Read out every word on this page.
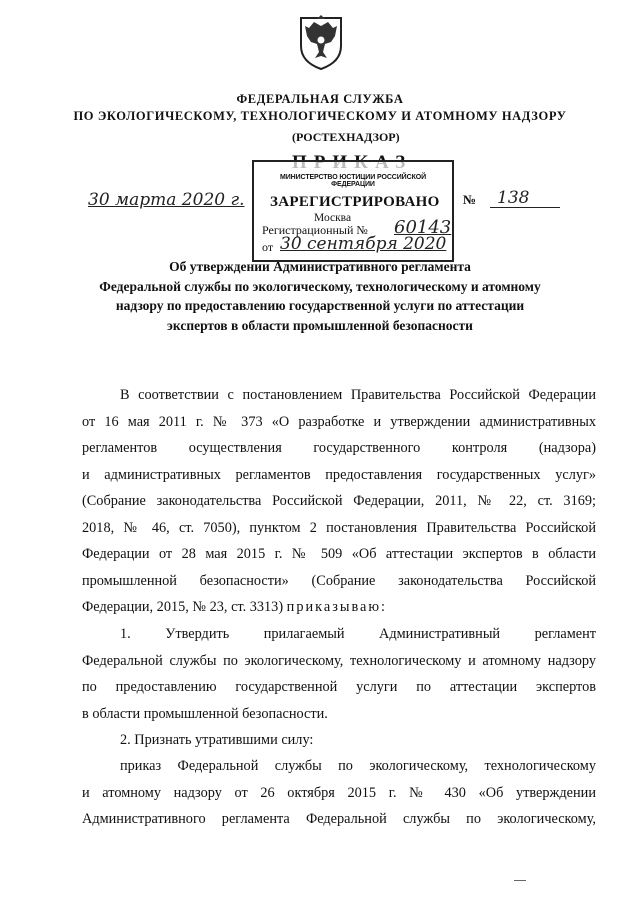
ФЕДЕРАЛЬНАЯ СЛУЖБА
ПО ЭКОЛОГИЧЕСКОМУ, ТЕХНОЛОГИЧЕСКОМУ И АТОМНОМУ НАДЗОРУ
(РОСТЕХНАДЗОР)
30 марта 2020 г.	№ 138
МИНИСТЕРСТВО ЮСТИЦИИ РОССИЙСКОЙ ФЕДЕРАЦИИ
ЗАРЕГИСТРИРОВАНО
Москва
Регистрационный № 60143
от 30 сентября 2020
Об утверждении Административного регламента
Федеральной службы по экологическому, технологическому и атомному
надзору по предоставлению государственной услуги по аттестации
экспертов в области промышленной безопасности
В соответствии с постановлением Правительства Российской Федерации
от 16 мая 2011 г. № 373 «О разработке и утверждении административных
регламентов осуществления государственного контроля (надзора)
и административных регламентов предоставления государственных услуг»
(Собрание законодательства Российской Федерации, 2011, № 22, ст. 3169;
2018, № 46, ст. 7050), пунктом 2 постановления Правительства Российской
Федерации от 28 мая 2015 г. № 509 «Об аттестации экспертов в области
промышленной безопасности» (Собрание законодательства Российской
Федерации, 2015, № 23, ст. 3313) приказываю:
1. Утвердить прилагаемый Административный регламент
Федеральной службы по экологическому, технологическому и атомному надзору
по предоставлению государственной услуги по аттестации экспертов
в области промышленной безопасности.
2. Признать утратившими силу:
приказ Федеральной службы по экологическому, технологическому
и атомному надзору от 26 октября 2015 г. № 430 «Об утверждении
Административного регламента Федеральной службы по экологическому,
